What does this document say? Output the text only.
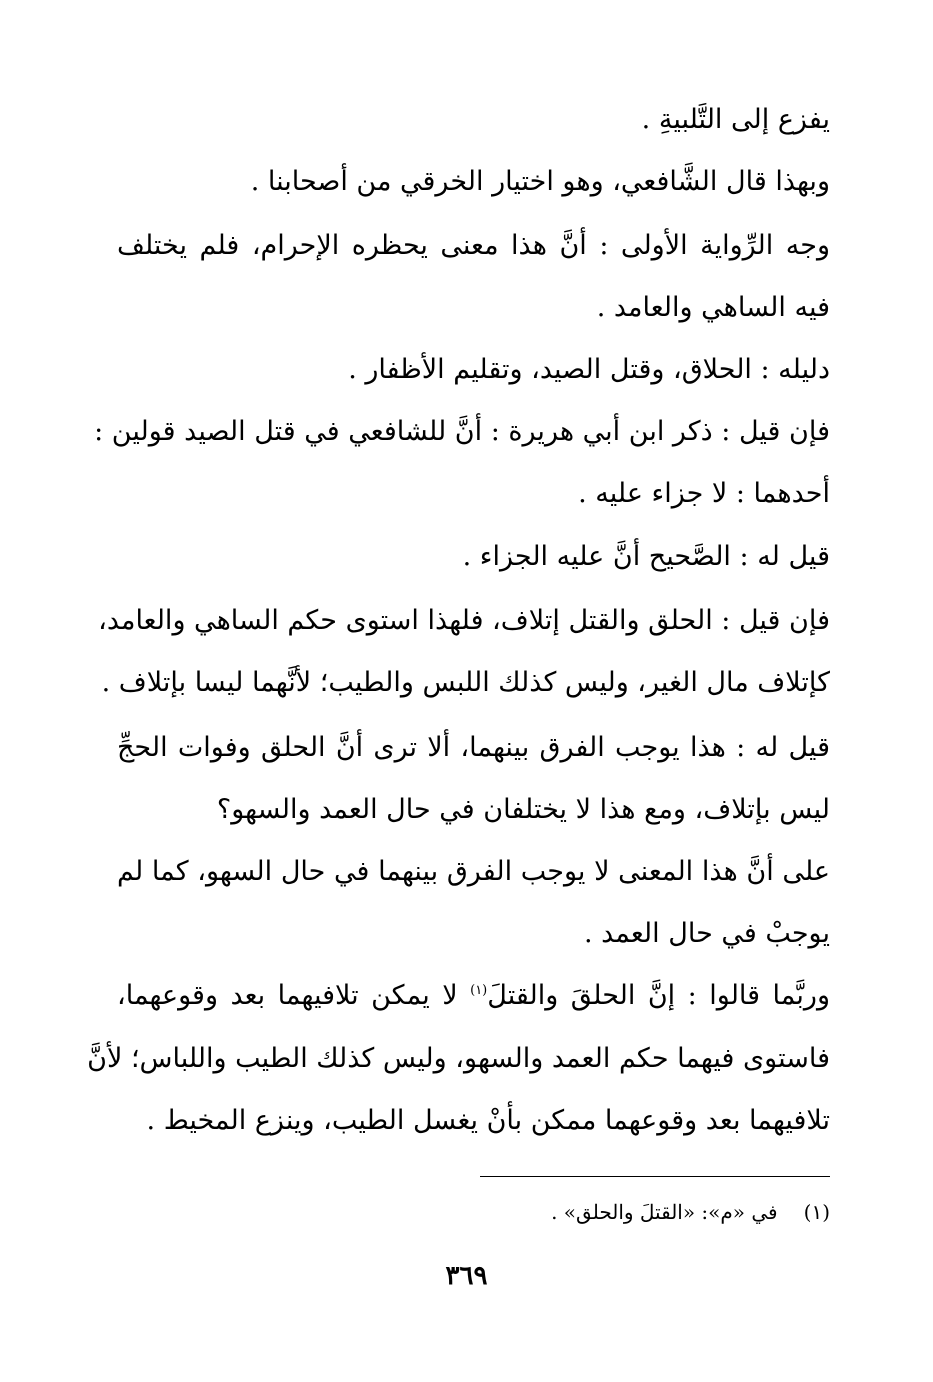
يفزع إلى التَّلبيةِ .
وبهذا قال الشَّافعي، وهو اختيار الخرقي من أصحابنا .
وجه الرِّواية الأولى : أنَّ هذا معنى يحظره الإحرام، فلم يختلف
فيه الساهي والعامد .
دليله : الحلاق، وقتل الصيد، وتقليم الأظفار .
فإن قيل : ذكر ابن أبي هريرة : أنَّ للشافعي في قتل الصيد قولين :
أحدهما : لا جزاء عليه .
قيل له : الصَّحيح أنَّ عليه الجزاء .
فإن قيل : الحلق والقتل إتلاف، فلهذا استوى حكم الساهي والعامد،
كإتلاف مال الغير، وليس كذلك اللبس والطيب؛ لأنَّهما ليسا بإتلاف .
قيل له : هذا يوجب الفرق بينهما، ألا ترى أنَّ الحلق وفوات الحجِّ
ليس بإتلاف، ومع هذا لا يختلفان في حال العمد والسهو؟
على أنَّ هذا المعنى لا يوجب الفرق بينهما في حال السهو، كما لم
يوجبْ في حال العمد .
وربَّما قالوا : إنَّ الحلقَ والقتلَ$^{(١)}$ لا يمكن تلافيهما بعد وقوعهما،
فاستوى فيهما حكم العمد والسهو، وليس كذلك الطيب واللباس؛ لأنَّ
تلافيهما بعد وقوعهما ممكن بأنْ يغسل الطيب، وينزع المخيط .
(١)في «م»: «القتلَ والحلق» .
٣٦٩
